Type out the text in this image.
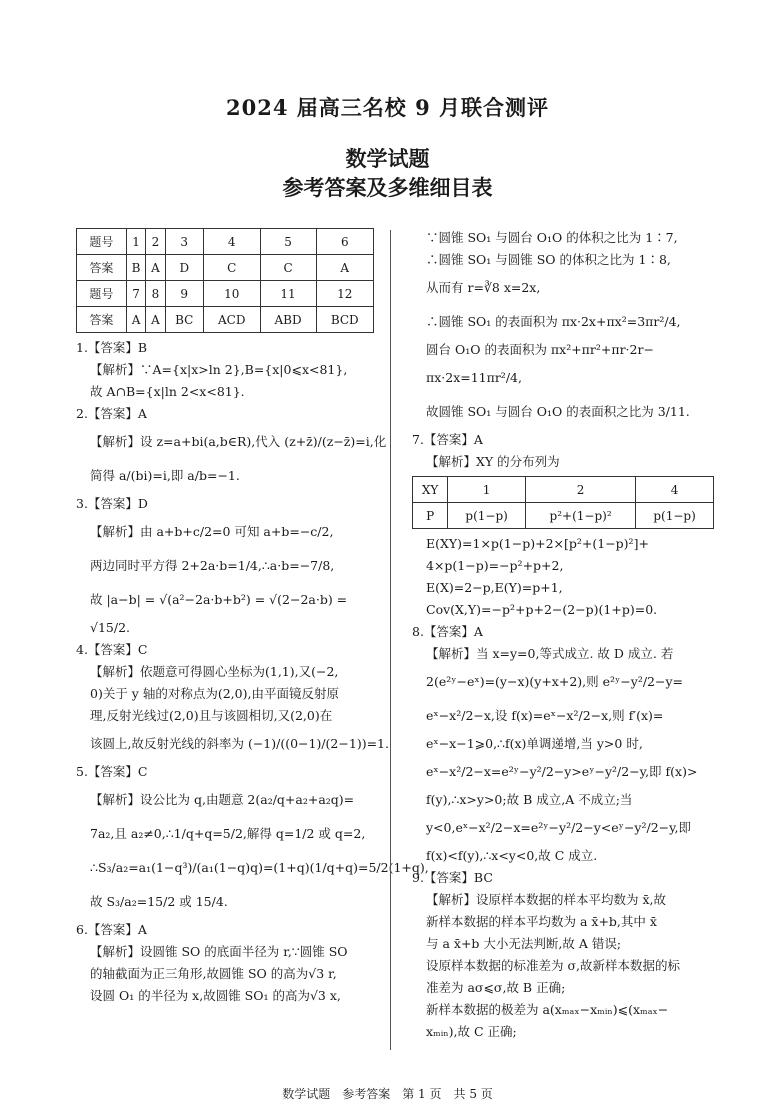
2024 届高三名校 9 月联合测评
数学试题
参考答案及多维细目表
题号	1	2	3	4	5	6
答案	B	A	D	C	C	A
题号	7	8	9	10	11	12
答案	A	A	BC	ACD	ABD	BCD
1.【答案】B
【解析】∵A={x|x>ln 2},B={x|0⩽x<81},
故 A∩B={x|ln 2<x<81}.
2.【答案】A
【解析】设 z=a+bi(a,b∈R),代入 (z+z̄)/(z−z̄)=i,化
简得 a/(bi)=i,即 a/b=−1.
3.【答案】D
【解析】由 a+b+c/2=0 可知 a+b=−c/2,
两边同时平方得 2+2a·b=1/4,∴a·b=−7/8,
故 |a−b| = √(a²−2a·b+b²) = √(2−2a·b) =
√15/2.
4.【答案】C
【解析】依题意可得圆心坐标为(1,1),又(−2,
0)关于 y 轴的对称点为(2,0),由平面镜反射原
理,反射光线过(2,0)且与该圆相切,又(2,0)在
该圆上,故反射光线的斜率为 (−1)/((0−1)/(2−1))=1.
5.【答案】C
【解析】设公比为 q,由题意 2(a₂/q+a₂+a₂q)=
7a₂,且 a₂≠0,∴1/q+q=5/2,解得 q=1/2 或 q=2,
∴S₃/a₂=a₁(1−q³)/(a₁(1−q)q)=(1+q)(1/q+q)=5/2(1+q),
故 S₃/a₂=15/2 或 15/4.
6.【答案】A
【解析】设圆锥 SO 的底面半径为 r,∵圆锥 SO
的轴截面为正三角形,故圆锥 SO 的高为√3 r,
设圆 O₁ 的半径为 x,故圆锥 SO₁ 的高为√3 x,
∵圆锥 SO₁ 与圆台 O₁O 的体积之比为 1∶7,
∴圆锥 SO₁ 与圆锥 SO 的体积之比为 1∶8,
从而有 r=∛8 x=2x,
∴圆锥 SO₁ 的表面积为 πx·2x+πx²=3πr²/4,
圆台 O₁O 的表面积为 πx²+πr²+πr·2r−
πx·2x=11πr²/4,
故圆锥 SO₁ 与圆台 O₁O 的表面积之比为 3/11.
7.【答案】A
【解析】XY 的分布列为
XY	1	2	4
P	p(1−p)	p²+(1−p)²	p(1−p)
E(XY)=1×p(1−p)+2×[p²+(1−p)²]+
4×p(1−p)=−p²+p+2,
E(X)=2−p,E(Y)=p+1,
Cov(X,Y)=−p²+p+2−(2−p)(1+p)=0.
8.【答案】A
【解析】当 x=y=0,等式成立. 故 D 成立. 若
2(e²ʸ−eˣ)=(y−x)(y+x+2),则 e²ʸ−y²/2−y=
eˣ−x²/2−x,设 f(x)=eˣ−x²/2−x,则 f′(x)=
eˣ−x−1⩾0,∴f(x)单调递增,当 y>0 时,
eˣ−x²/2−x=e²ʸ−y²/2−y>eʸ−y²/2−y,即 f(x)>
f(y),∴x>y>0;故 B 成立,A 不成立;当
y<0,eˣ−x²/2−x=e²ʸ−y²/2−y<eʸ−y²/2−y,即
f(x)<f(y),∴x<y<0,故 C 成立.
9.【答案】BC
【解析】设原样本数据的样本平均数为 x̄,故
新样本数据的样本平均数为 a x̄+b,其中 x̄
与 a x̄+b 大小无法判断,故 A 错误;
设原样本数据的标准差为 σ,故新样本数据的标
准差为 aσ⩽σ,故 B 正确;
新样本数据的极差为 a(xₘₐₓ−xₘᵢₙ)⩽(xₘₐₓ−
xₘᵢₙ),故 C 正确;
数学试题　参考答案　第 1 页　共 5 页
